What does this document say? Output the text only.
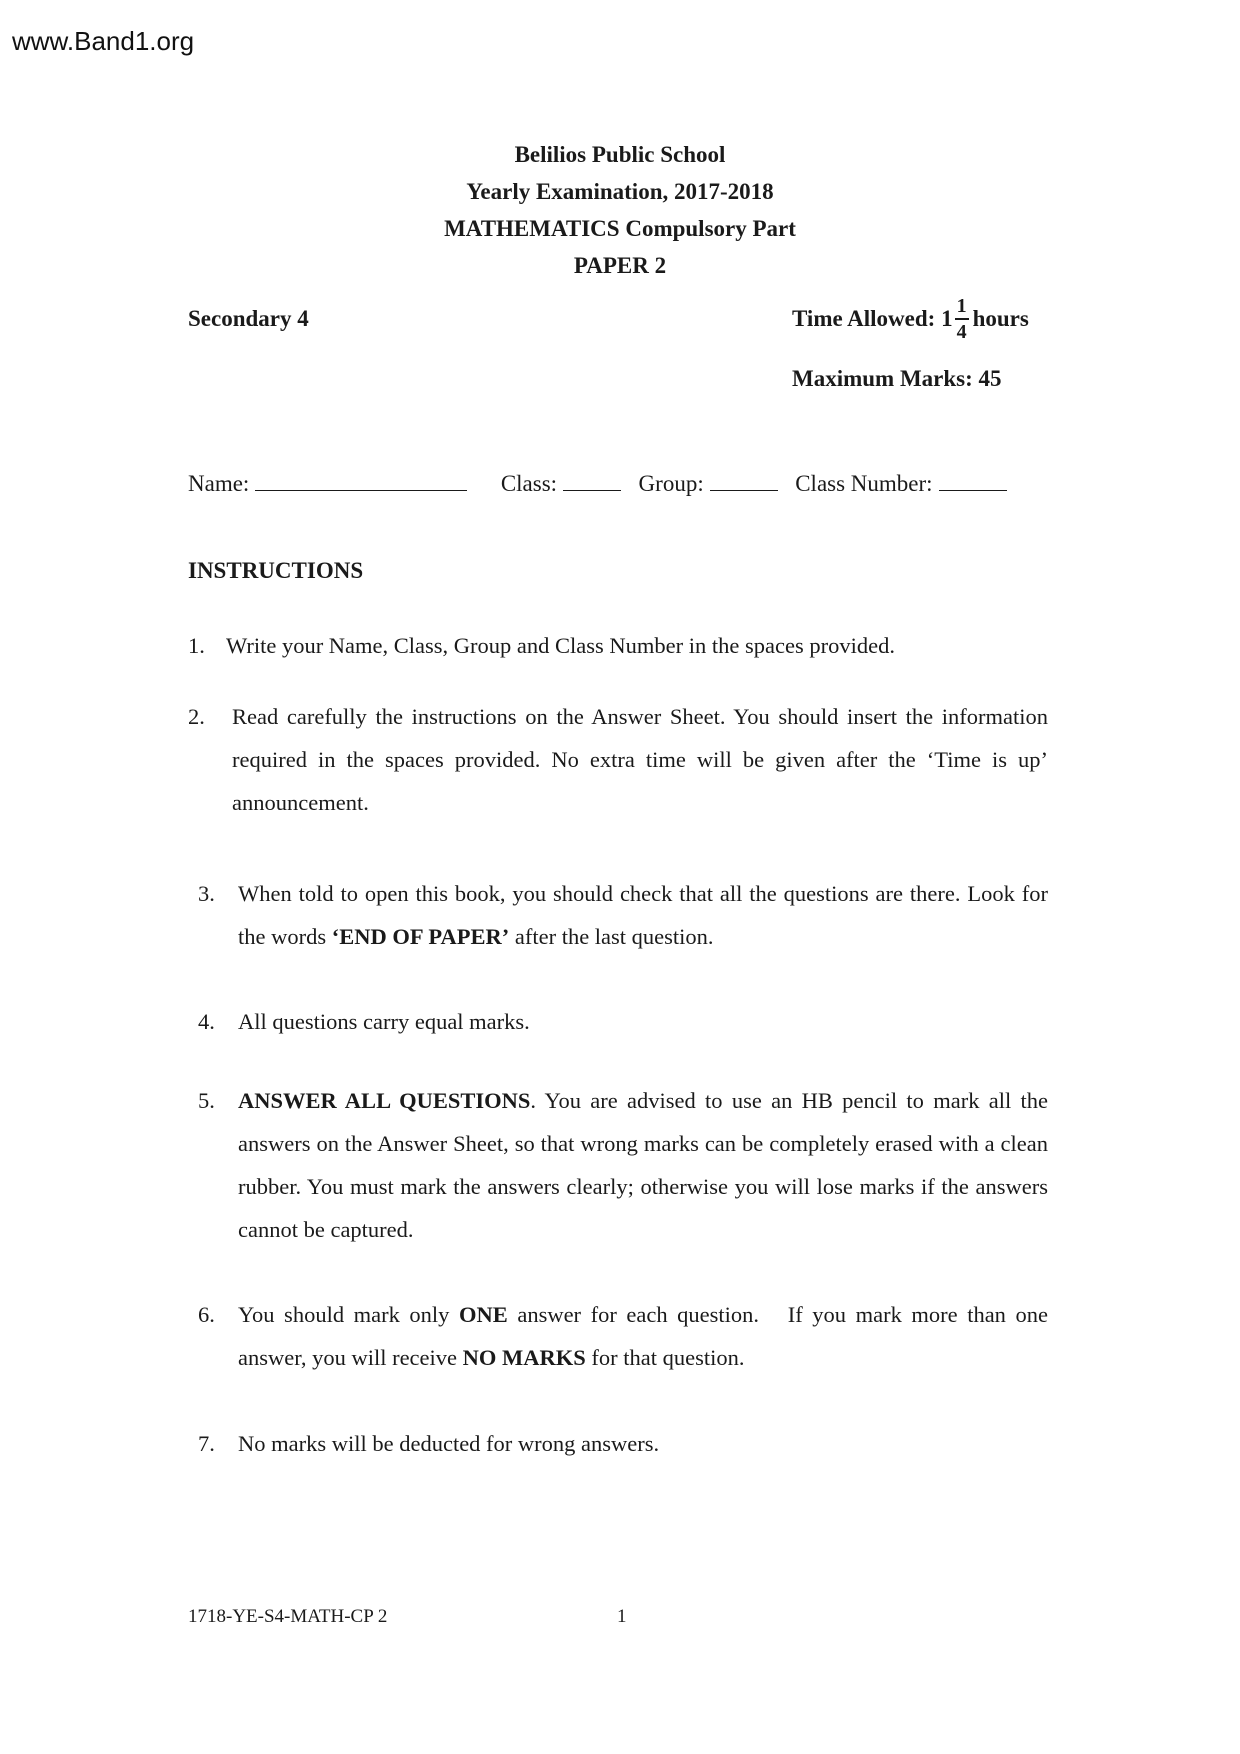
www.Band1.org
Belilios Public School
Yearly Examination, 2017-2018
MATHEMATICS Compulsory Part
PAPER 2
Secondary 4	Time Allowed: $1 \frac{1}{4}$ hours
Maximum Marks: 45
Name:	Class:	Group:	Class Number:
INSTRUCTIONS
1. Write your Name, Class, Group and Class Number in the spaces provided.
2. Read carefully the instructions on the Answer Sheet. You should insert the information required in the spaces provided. No extra time will be given after the ‘Time is up’ announcement.
3. When told to open this book, you should check that all the questions are there. Look for the words ‘END OF PAPER’ after the last question.
4. All questions carry equal marks.
5. ANSWER ALL QUESTIONS. You are advised to use an HB pencil to mark all the answers on the Answer Sheet, so that wrong marks can be completely erased with a clean rubber. You must mark the answers clearly; otherwise you will lose marks if the answers cannot be captured.
6. You should mark only ONE answer for each question.   If you mark more than one answer, you will receive NO MARKS for that question.
7. No marks will be deducted for wrong answers.
1718-YE-S4-MATH-CP 2	1
